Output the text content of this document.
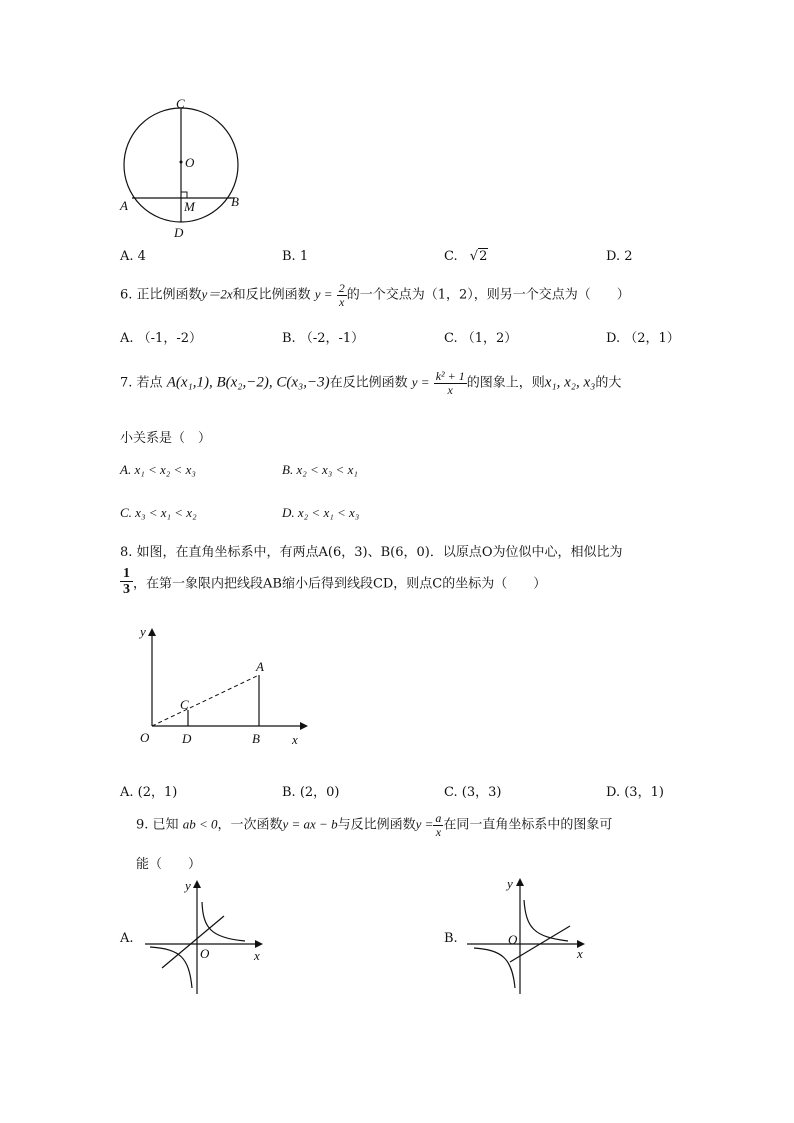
C
O
A	B
M
D
A. 4	B. 1	C. √2	D. 2
6. 正比例函数y＝2x和反比例函数 $y = \frac{2}{x}$ 的一个交点为（1，2），则另一个交点为（　　）
A. （-1，-2）	B. （-2，-1）	C. （1，2）	D. （2，1）
7. 若点 A(x₁,1), B(x₂,−2), C(x₃,−3)在反比例函数 $y = \frac{\text{k² + 1}}{x}$ 的图象上，则x₁, x₂, x₃的大
小关系是（　）
A. x₁ < x₂ < x₃	B. x₂ < x₃ < x₁
C. x₃ < x₁ < x₂	D. x₂ < x₁ < x₃
8. 如图，在直角坐标系中，有两点A(6，3)、B(6，0)．以原点O为位似中心，相似比为
$\frac{1}{3}$ ，在第一象限内把线段AB缩小后得到线段CD，则点C的坐标为（　　）
y
A
C
O	D	B x
A. (2，1)	B. (2，0)	C. (3，3)	D. (3，1)
9. 已知 ab < 0，一次函数y = ax − b与反比例函数$y = \frac{a}{x}$ 在同一直角坐标系中的图象可
能（　　）
A.
y
O	x
B.
y
O
x
